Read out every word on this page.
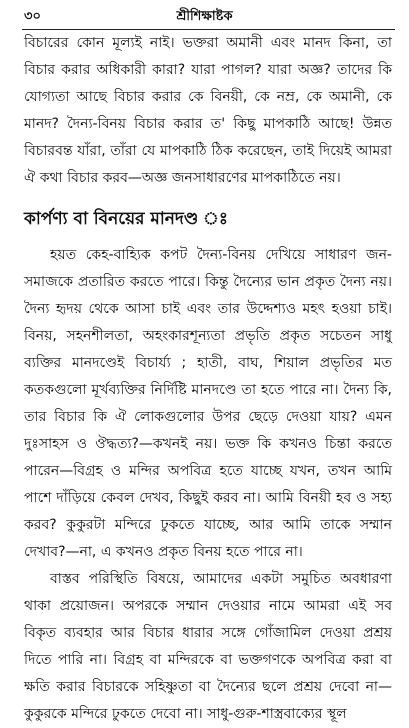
৩০	শ্রীশিক্ষাষ্টক

বিচারের কোন মূল্যই নাই। ভক্তরা অমানী এবং মানদ কিনা, তা বিচার করার অধিকারী কারা? যারা পাগল? যারা অজ্ঞ? তাদের কি যোগ্যতা আছে বিচার করার কে বিনয়ী, কে নম্র, কে অমানী, কে মানদ? দৈন্য-বিনয় বিচার করার ত' কিছু মাপকাঠি আছে! উন্নত বিচারবন্ত যাঁরা, তাঁরা যে মাপকাঠি ঠিক করেছেন, তাই দিয়েই আমরা ঐ কথা বিচার করব—অজ্ঞ জনসাধারণের মাপকাঠিতে নয়।

কার্পণ্য বা বিনয়ের মানদণ্ড ঃ

হয়ত কেহ-বাহ্যিক কপট দৈন্য-বিনয় দেখিয়ে সাধারণ জন-সমাজকে প্রতারিত করতে পারে। কিন্তু দৈন্যের ভান প্রকৃত দৈন্য নয়। দৈন্য হৃদয় থেকে আসা চাই এবং তার উদ্দেশ্যও মহৎ হওয়া চাই। বিনয়, সহনশীলতা, অহংকারশূন্যতা প্রভৃতি প্রকৃত সচেতন সাধু ব্যক্তির মানদণ্ডেই বিচার্য্য ; হাতী, বাঘ, শিয়াল প্রভৃতির মত কতকগুলো মূর্খব্যক্তির নির্দিষ্টি মানদণ্ডে তা হতে পারে না। দৈন্য কি, তার বিচার কি ঐ লোকগুলোর উপর ছেড়ে দেওয়া যায়? এমন দুঃসাহস ও ঔদ্ধত্য?—কখনই নয়। ভক্ত কি কখনও চিন্তা করতে পারেন—বিগ্রহ ও মন্দির অপবিত্র হতে যাচ্ছে যখন, তখন আমি পাশে দাঁড়িয়ে কেবল দেখব, কিছুই করব না। আমি বিনয়ী হব ও সহ্য করব? কুকুরটা মন্দিরে ঢুকতে যাচ্ছে, আর আমি তাকে সম্মান দেখাব?—না, এ কখনও প্রকৃত বিনয় হতে পারে না।

বাস্তব পরিস্থিতি বিষয়ে, আমাদের একটা সমুচিত অবধারণা থাকা প্রয়োজন। অপরকে সম্মান দেওয়ার নামে আমরা এই সব বিকৃত ব্যবহার আর বিচার ধারার সঙ্গে গোঁজামিল দেওয়া প্রশ্রয় দিতে পারি না। বিগ্রহ বা মন্দিরকে বা ভক্তগণকে অপবিত্র করা বা ক্ষতি করার বিচারকে সহিষ্ণুতা বা দৈন্যের ছলে প্রশ্রয় দেবো না—কুকুরকে মন্দিরে ঢুকতে দেবো না। সাধু-গুরু-শাস্ত্রবাক্যের স্থূল
